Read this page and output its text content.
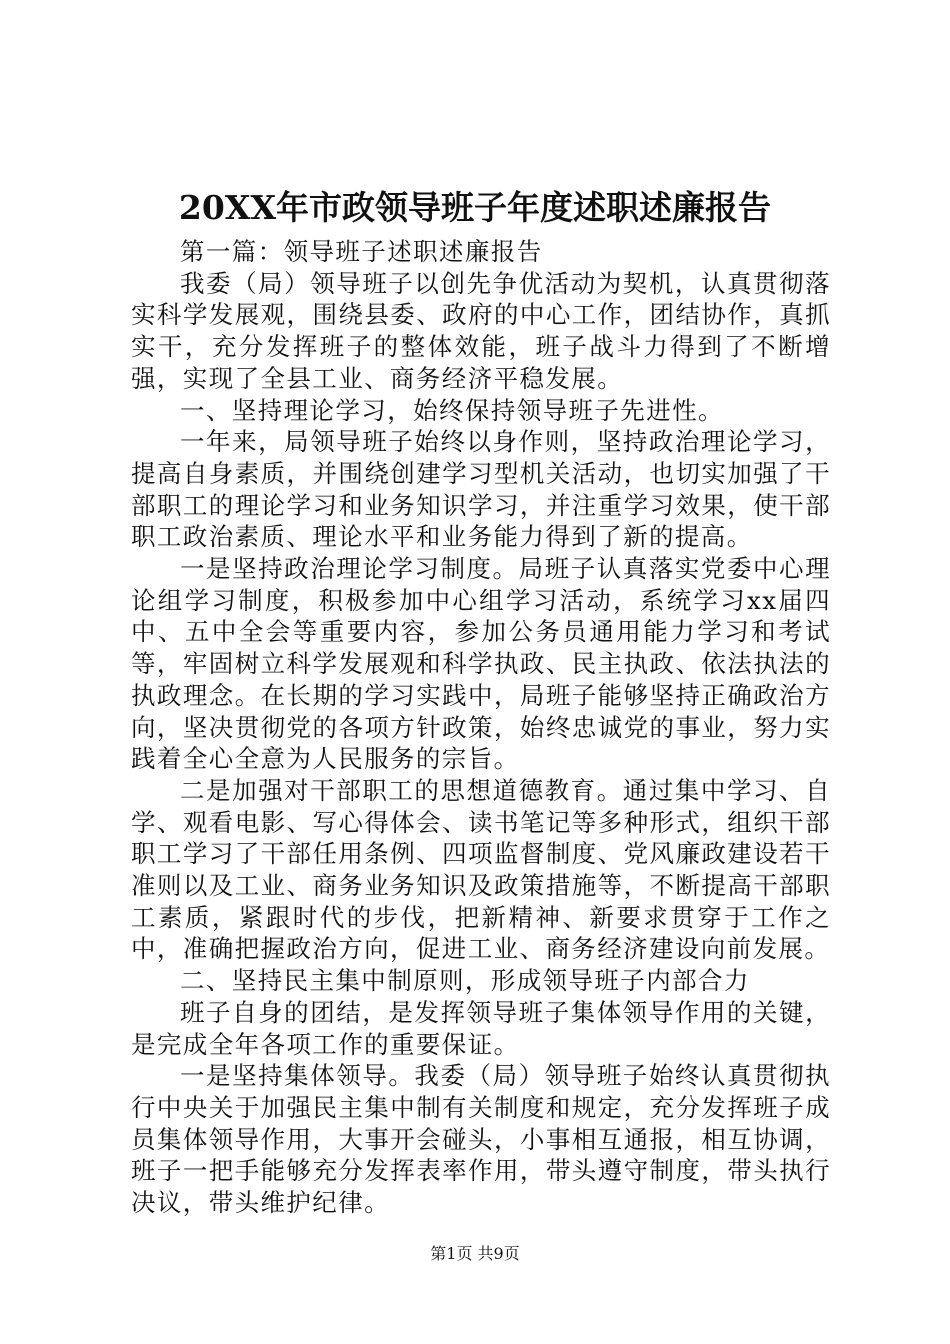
20XX年市政领导班子年度述职述廉报告

第一篇：领导班子述职述廉报告

我委（局）领导班子以创先争优活动为契机，认真贯彻落实科学发展观，围绕县委、政府的中心工作，团结协作，真抓实干，充分发挥班子的整体效能，班子战斗力得到了不断增强，实现了全县工业、商务经济平稳发展。

一、坚持理论学习，始终保持领导班子先进性。

一年来，局领导班子始终以身作则，坚持政治理论学习，提高自身素质，并围绕创建学习型机关活动，也切实加强了干部职工的理论学习和业务知识学习，并注重学习效果，使干部职工政治素质、理论水平和业务能力得到了新的提高。

一是坚持政治理论学习制度。局班子认真落实党委中心理论组学习制度，积极参加中心组学习活动，系统学习xx届四中、五中全会等重要内容，参加公务员通用能力学习和考试等，牢固树立科学发展观和科学执政、民主执政、依法执法的执政理念。在长期的学习实践中，局班子能够坚持正确政治方向，坚决贯彻党的各项方针政策，始终忠诚党的事业，努力实践着全心全意为人民服务的宗旨。

二是加强对干部职工的思想道德教育。通过集中学习、自学、观看电影、写心得体会、读书笔记等多种形式，组织干部职工学习了干部任用条例、四项监督制度、党风廉政建设若干准则以及工业、商务业务知识及政策措施等，不断提高干部职工素质，紧跟时代的步伐，把新精神、新要求贯穿于工作之中，准确把握政治方向，促进工业、商务经济建设向前发展。

二、坚持民主集中制原则，形成领导班子内部合力

班子自身的团结，是发挥领导班子集体领导作用的关键，是完成全年各项工作的重要保证。

一是坚持集体领导。我委（局）领导班子始终认真贯彻执行中央关于加强民主集中制有关制度和规定，充分发挥班子成员集体领导作用，大事开会碰头，小事相互通报，相互协调，班子一把手能够充分发挥表率作用，带头遵守制度，带头执行决议，带头维护纪律。

第1页 共9页
